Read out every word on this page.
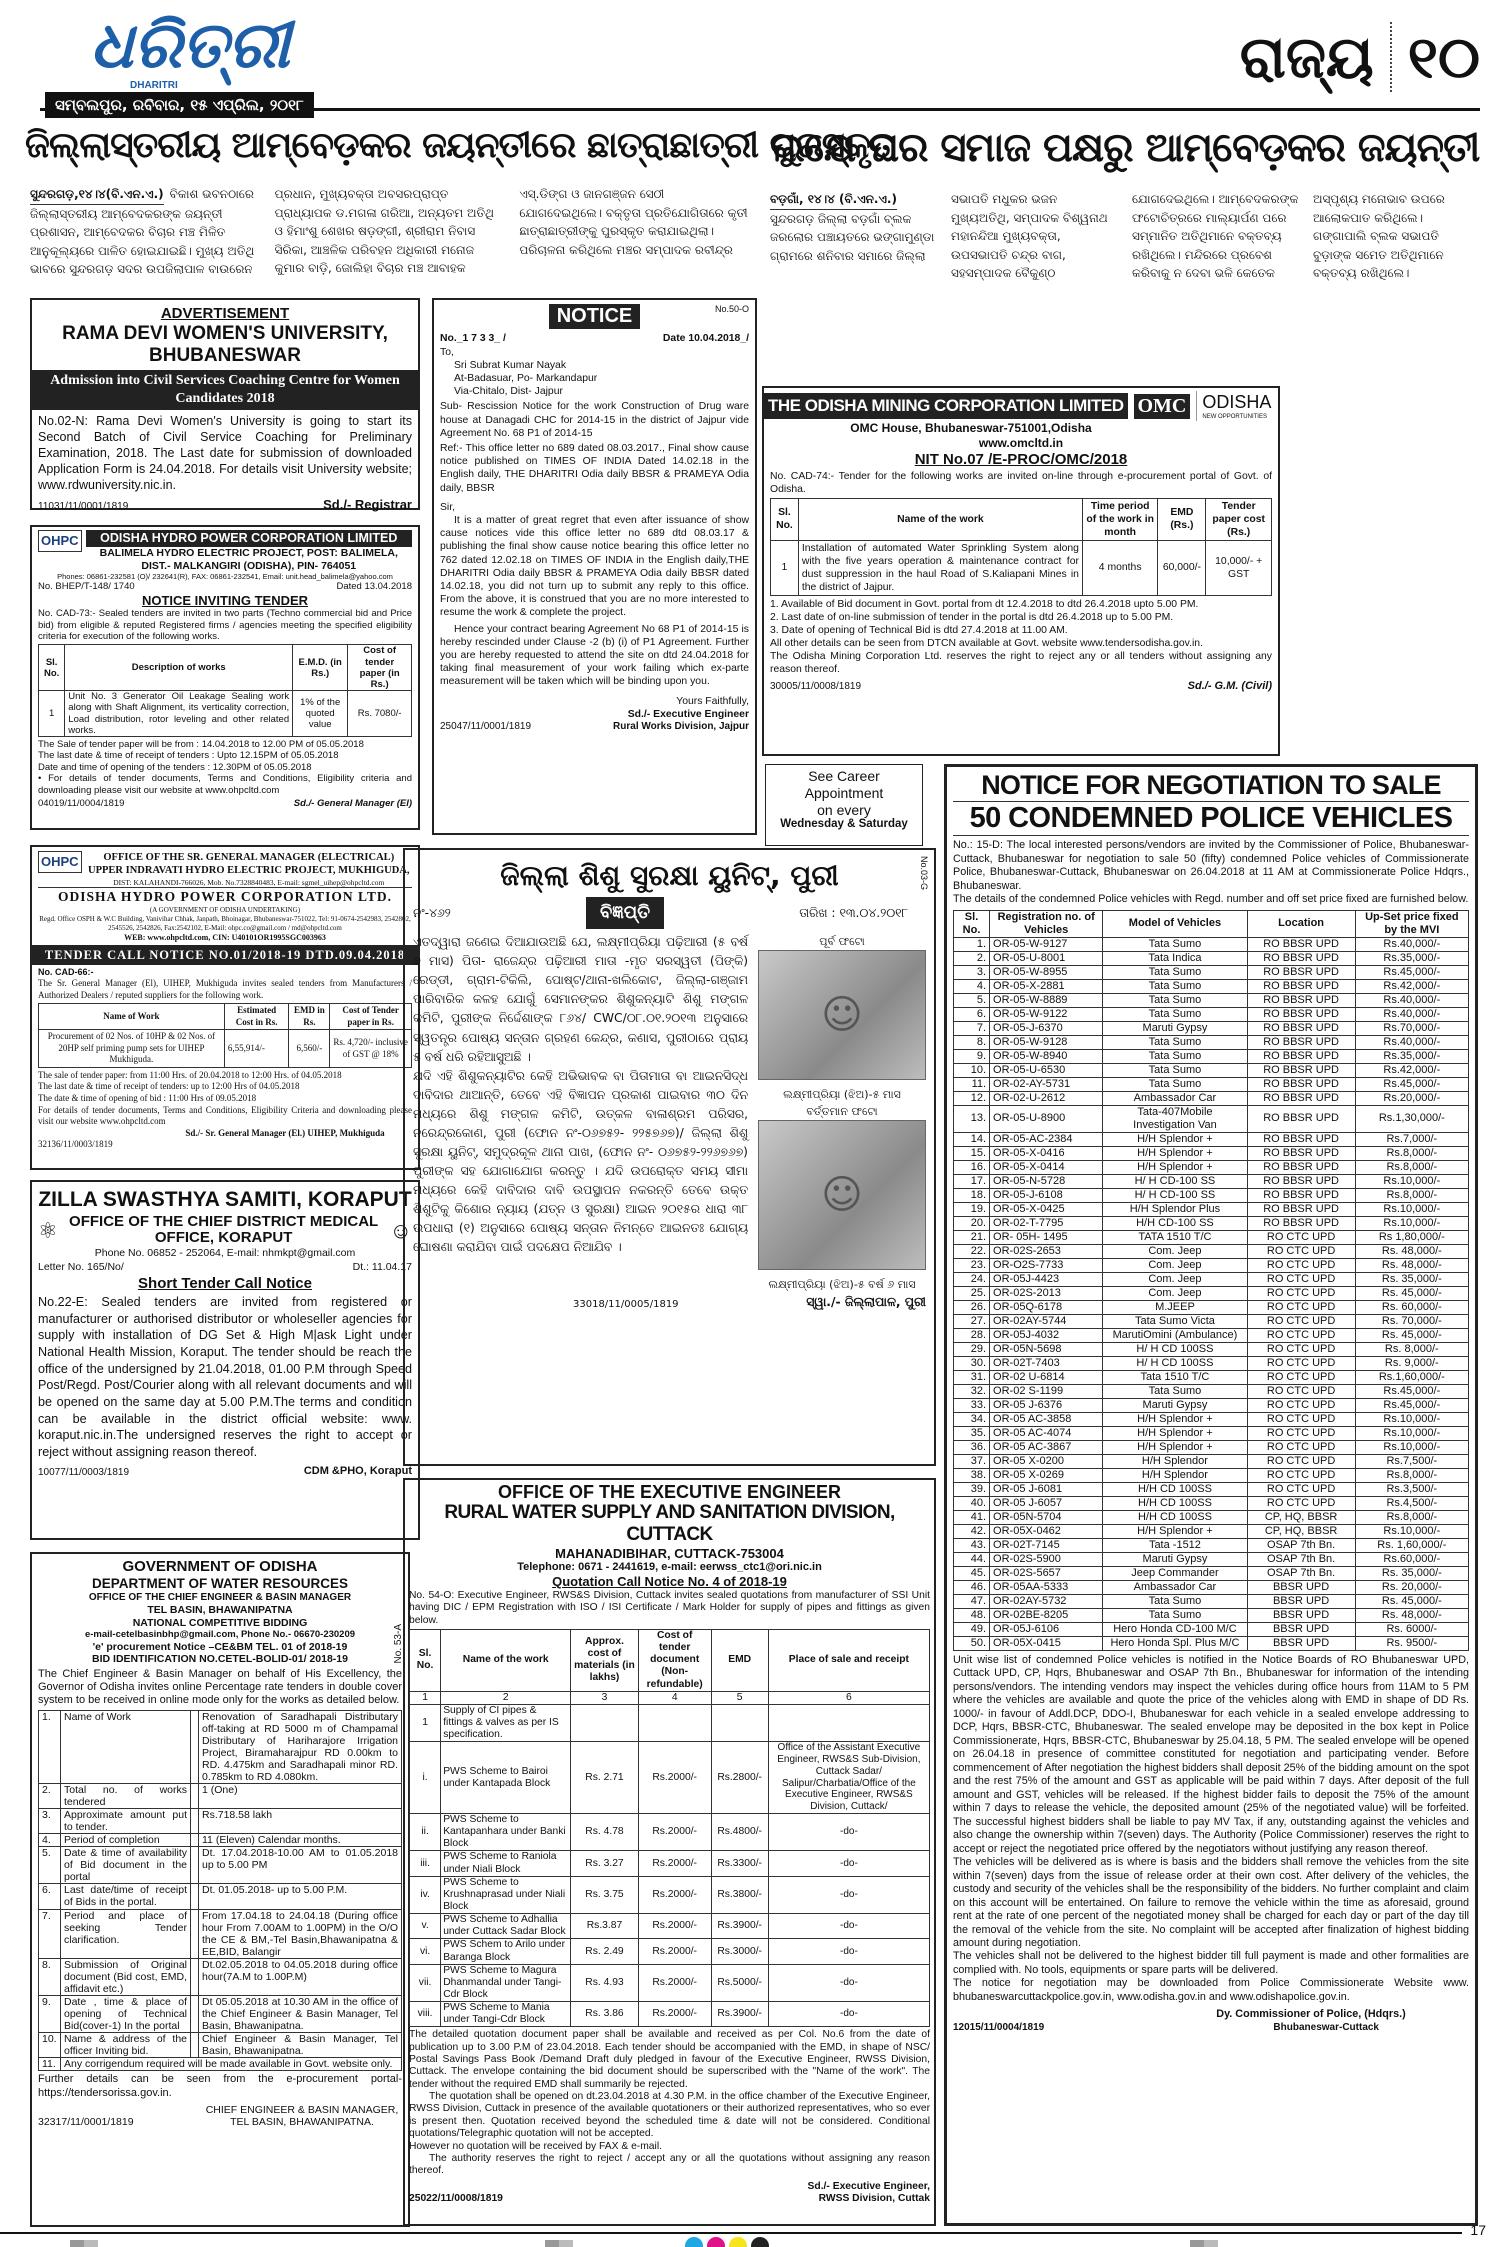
ଧରିତ୍ରୀ
DHARITRI
ସମ୍ବଲପୁର, ରବିବାର, ୧୫ ଏପ୍ରିଲ, ୨୦୧୮
ରାଜ୍ୟ ୧୦
ଜିଲ୍ଲାସ୍ତରୀୟ ଆମ୍ବେଡ଼କର ଜୟନ୍ତୀରେ ଛାତ୍ରାଛାତ୍ରୀ ପୁରସ୍କୃତ
ଲକ୍ଷେ ଘର ସମାଜ ପକ୍ଷରୁ ଆମ୍ବେଡ଼କର ଜୟନ୍ତୀ
ସୁନ୍ଦରଗଡ଼,୧୪।୪(ବି.ଏନ.ଏ.) ବିକାଶ ଭବନଠାରେ ଜିଲ୍ଲାସ୍ତରୀୟ ଆମ୍ବେଦକରଙ୍କ ଜୟନ୍ତୀ ପ୍ରଶାସନ, ଆମ୍ବେଦକର ବିଚାର ମଞ୍ଚ ମିଳିତ ଆନୁକୂଲ୍ୟରେ ପାଳିତ ହୋଇଯାଇଛି। ମୁଖ୍ୟ ଅତିଥି ଭାବରେ ସୁନ୍ଦରଗଡ଼ ସଦର ଉପଜିଲାପାଳ ବାଉରେନ ପ୍ରଧାନ, ମୁଖ୍ୟବକ୍ତା ଅବସରପ୍ରାପ୍ତ ପ୍ରାଧ୍ୟାପକ ଡ.ମଗଳା ଗରିଆ, ଅନ୍ୟତମ ଅତିଥି ଓ ହିମାଂଶୁ ଶେଖର ଷଡ଼ଙ୍ଗୀ, ଶ୍ରୀରାମ ନିବାସ ସିରିକା, ଆଞ୍ଚଳିକ ପରିବହନ ଅଧିକାରୀ ମନୋଜ କୁମାର ବାଡ଼ି, ଜୋଲିହା ବିଚାର ମଞ୍ଚ ଆବାହକ ଏସ୍.ଡିଙ୍ଗ ଓ ଜାନଗଞ୍ଜନ ସେଠୀ ଯୋଗଦେଇଥିଲେ। ବକ୍ତୃତା ପ୍ରତିଯୋଗିତାରେ କୃତୀ ଛାତ୍ରାଛାତ୍ରୀଙ୍କୁ ପୁରସ୍କୃତ କରାଯାଇଥିଲା। ପରିଚାଳନା କରିଥିଲେ ମଞ୍ଚର ସମ୍ପାଦକ ରବୀନ୍ଦ୍ର
ବଡ଼ଗାଁ, ୧୪।୪ (ବି.ଏନ.ଏ.)ସୁନ୍ଦରଗଡ଼ ଜିଲ୍ଲା ବଡ଼ଗାଁ ବ୍ଲକ ଜରଲୋର ପଞ୍ଚାୟତରେ ଭଙ୍ଗାମୁଣ୍ଡା ଗ୍ରାମରେ ଶନିବାର ସମାରେ ଜିଲ୍ଲା ସଭାପତି ମଧୁକର ଭଜନ ମୁଖ୍ୟଅତିଥି, ସମ୍ପାଦକ ବିଶ୍ୱନାଥ ମହାନନ୍ଦିଆ ମୁଖ୍ୟବକ୍ତା, ଉପସଭାପତି ଚନ୍ଦ୍ର ବାଗ, ସହସମ୍ପାଦକ ବୈକୁଣ୍ଠ ଯୋଗଦେଇଥିଲେ। ଆମ୍ବେଦକରଙ୍କ ଫଟୋଚିତ୍ରରେ ମାଲ୍ୟାର୍ପଣ ପରେ ସମ୍ମାନିତ ଅତିଥିମାନେ ବକ୍ତବ୍ୟ ରଖିଥିଲେ। ମନ୍ଦିରରେ ପ୍ରବେଶ କରିବାକୁ ନ ଦେବା ଭଳି କେତେକ ଅସ୍ପୃଶ୍ୟ ମନୋଭାବ ଉପରେ ଆଲୋକପାତ କରିଥିଲେ। ଗଙ୍ଗାପାଲି ବ୍ଲକ ସଭାପତି ବୁଡ଼ାଙ୍କ ସମେତ ଅତିଥିମାନେ ବକ୍ତବ୍ୟ ରଖିଥିଲେ।
ADVERTISEMENT
RAMA DEVI WOMEN'S UNIVERSITY, BHUBANESWAR
Admission into Civil Services Coaching Centre for Women Candidates 2018
No.02-N: Rama Devi Women's University is going to start its Second Batch of Civil Service Coaching for Preliminary Examination, 2018. The Last date for submission of downloaded Application Form is 24.04.2018. For details visit University website; www.rdwuniversity.nic.in.
11031/11/0001/1819	Sd./- Registrar
OHPC	ODISHA HYDRO POWER CORPORATION LIMITED
BALIMELA HYDRO ELECTRIC PROJECT, POST: BALIMELA, DIST.- MALKANGIRI (ODISHA), PIN- 764051
Phones: 06861-232581 (O)/ 232641(R), FAX: 06861-232541, Email: unit.head_balimela@yahoo.com
No. BHEP/T-148/ 1740	Dated 13.04.2018
NOTICE INVITING TENDER
No. CAD-73:- Sealed tenders are invited in two parts (Techno commercial bid and Price bid) from eligible & reputed Registered firms / agencies meeting the specified eligibility criteria for execution of the following works.
Sl. No.	Description of works	E.M.D. (in Rs.)	Cost of tender paper (in Rs.)
1	Unit No. 3 Generator Oil Leakage Sealing work along with Shaft Alignment, its verticality correction, Load distribution, rotor leveling and other related works.	1% of the quoted value	Rs. 7080/-
The Sale of tender paper will be from : 14.04.2018 to 12.00 PM of 05.05.2018
The last date & time of receipt of tenders : Upto 12.15PM of 05.05.2018
Date and time of opening of the tenders : 12.30PM of 05.05.2018
• For details of tender documents, Terms and Conditions, Eligibility criteria and downloading please visit our website at www.ohpcltd.com
04019/11/0004/1819	Sd./- General Manager (El)
OHPC	OFFICE OF THE SR. GENERAL MANAGER (ELECTRICAL)
UPPER INDRAVATI HYDRO ELECTRIC PROJECT, MUKHIGUDA,
DIST: KALAHANDI-766026, Mob. No.7328840483, E-mail: sgmel_uihep@ohpcltd.com
ODISHA HYDRO POWER CORPORATION LTD.
(A GOVERNMENT OF ODISHA UNDERTAKING)
Regd. Office OSPH & W.C Building, Vanivihar Chhak, Janpath, Bhoinagar, Bhubaneswar-751022, Tel: 91-0674-2542983, 2542802, 2545526, 2542826, Fax:2542102, E-Mail: ohpc.co@gmail.com / md@ohpcltd.com
WEB: www.ohpcltd.com, CIN: U40101OR1995SGC003963
TENDER CALL NOTICE NO.01/2018-19 DTD.09.04.2018
No. CAD-66:-
The Sr. General Manager (El), UIHEP, Mukhiguda invites sealed tenders from Manufacturers / Authorized Dealers / reputed suppliers for the following work.
Name of Work	Estimated Cost in Rs.	EMD in Rs.	Cost of Tender paper in Rs.
Procurement of 02 Nos. of 10HP & 02 Nos. of 20HP self priming pump sets for UIHEP Mukhiguda.	6,55,914/-	6,560/-	Rs. 4,720/- inclusive of GST @ 18%
The sale of tender paper: from 11:00 Hrs. of 20.04.2018 to 12:00 Hrs. of 04.05.2018
The last date & time of receipt of tenders: up to 12:00 Hrs of 04.05.2018
The date & time of opening of bid : 11:00 Hrs of 09.05.2018
For details of tender documents, Terms and Conditions, Eligibility Criteria and downloading please visit our website www.ohpcltd.com
Sd./- Sr. General Manager (El.) UIHEP, Mukhiguda
32136/11/0003/1819
ZILLA SWASTHYA SAMITI, KORAPUT
⚛ OFFICE OF THE CHIEF DISTRICT MEDICAL OFFICE, KORAPUT	☺
Phone No. 06852 - 252064, E-mail: nhmkpt@gmail.com
Letter No. 165/No/	Dt.: 11.04.17
Short Tender Call Notice
No.22-E: Sealed tenders are invited from registered or manufacturer or authorised distributor or wholeseller agencies for supply with installation of DG Set & High M|ask Light under National Health Mission, Koraput. The tender should be reach the office of the undersigned by 21.04.2018, 01.00 P.M through Speed Post/Regd. Post/Courier along with all relevant documents and will be opened on the same day at 5.00 P.M.The terms and condition can be available in the district official website: www. koraput.nic.in.The undersigned reserves the right to accept or reject without assigning reason thereof.
10077/11/0003/1819	CDM &PHO, Koraput
GOVERNMENT OF ODISHA
DEPARTMENT OF WATER RESOURCES
OFFICE OF THE CHIEF ENGINEER & BASIN MANAGER
TEL BASIN, BHAWANIPATNA
NATIONAL COMPETITIVE BIDDING
e-mail-cetelbasinbhp@gmail.com, Phone No.- 06670-230209
'e' procurement Notice –CE&BM TEL. 01 of 2018-19
BID IDENTIFICATION NO.CETEL-BOLID-01/ 2018-19	No. 53-A
The Chief Engineer & Basin Manager on behalf of His Excellency, the Governor of Odisha invites online Percentage rate tenders in double cover system to be received in online mode only for the works as detailed below.
1.	Name of Work		Renovation of Saradhapali Distributary off-taking at RD 5000 m of Champamal Distributary of Hariharajore Irrigation Project, Biramaharajpur RD 0.00km to RD. 4.475km and Saradhapali minor RD. 0.785km to RD 4.080km.
2.	Total no. of works tendered		1 (One)
3.	Approximate amount put to tender.		Rs.718.58 lakh
4.	Period of completion		11 (Eleven) Calendar months.
5.	Date & time of availability of Bid document in the portal		Dt. 17.04.2018-10.00 AM to 01.05.2018 up to 5.00 PM
6.	Last date/time of receipt of Bids in the portal.		Dt. 01.05.2018- up to 5.00 P.M.
7.	Period and place of seeking Tender clarification.		From 17.04.18 to 24.04.18 (During office hour From 7.00AM to 1.00PM) in the O/O the CE & BM,-Tel Basin,Bhawanipatna & EE,BID, Balangir
8.	Submission of Original document (Bid cost, EMD, affidavit etc.)		Dt.02.05.2018 to 04.05.2018 during office hour(7A.M to 1.00P.M)
9.	Date , time & place of opening of Technical Bid(cover-1) In the portal		Dt 05.05.2018 at 10.30 AM in the office of the Chief Engineer & Basin Manager, Tel Basin, Bhawanipatna.
10.	Name & address of the officer Inviting bid.		Chief Engineer & Basin Manager, Tel Basin, Bhawanipatna.
11.	Any corrigendum required will be made available in Govt. website only.		
Further details can be seen from the e-procurement portal-https://tendersorissa.gov.in.
32317/11/0001/1819
CHIEF ENGINEER & BASIN MANAGER, TEL BASIN, BHAWANIPATNA.
NOTICE	No.50-O
No._1 7 3 3_ /	Date 10.04.2018_/
To,
Sri Subrat Kumar Nayak
At-Badasuar, Po- Markandapur
Via-Chitalo, Dist- Jajpur
Sub- Rescission Notice for the work Construction of Drug ware house at Danagadi CHC for 2014-15 in the district of Jajpur vide Agreement No. 68 P1 of 2014-15
Ref:- This office letter no 689 dated 08.03.2017., Final show cause notice published on TIMES OF INDIA Dated 14.02.18 in the English daily, THE DHARITRI Odia daily BBSR & PRAMEYA Odia daily, BBSR
Sir,
It is a matter of great regret that even after issuance of show cause notices vide this office letter no 689 dtd 08.03.17 & publishing the final show cause notice bearing this office letter no 762 dated 12.02.18 on TIMES OF INDIA in the English daily,THE DHARITRI Odia daily BBSR & PRAMEYA Odia daily BBSR dated 14.02.18, you did not turn up to submit any reply to this office. From the above, it is construed that you are no more interested to resume the work & complete the project.
Hence your contract bearing Agreement No 68 P1 of 2014-15 is hereby rescinded under Clause -2 (b) (i) of P1 Agreement. Further you are hereby requested to attend the site on dtd 24.04.2018 for taking final measurement of your work failing which ex-parte measurement will be taken which will be binding upon you.
Yours Faithfully,
Sd./- Executive Engineer
25047/11/0001/1819	Rural Works Division, Jajpur
THE ODISHA MINING CORPORATION LIMITED OMC ODISHA
NEW OPPORTUNITIES
OMC House, Bhubaneswar-751001,Odisha
www.omcltd.in
NIT No.07 /E-PROC/OMC/2018
No. CAD-74:- Tender for the following works are invited on-line through e-procurement portal of Govt. of Odisha.
Sl. No.	Name of the work	Time period of the work in month	EMD (Rs.)	Tender paper cost (Rs.)
1	Installation of automated Water Sprinkling System along with the five years operation & maintenance contract for dust suppression in the haul Road of S.Kaliapani Mines in the district of Jajpur.	4 months	60,000/-	10,000/- + GST
1. Available of Bid document in Govt. portal from dt 12.4.2018 to dtd 26.4.2018 upto 5.00 PM.
2. Last date of on-line submission of tender in the portal is dtd 26.4.2018 up to 5.00 PM.
3. Date of opening of Technical Bid is dtd 27.4.2018 at 11.00 AM.
All other details can be seen from DTCN available at Govt. website www.tendersodisha.gov.in.
The Odisha Mining Corporation Ltd. reserves the right to reject any or all tenders without assigning any reason thereof.
30005/11/0008/1819	Sd./- G.M. (Civil)
See Career
Appointment
on every
Wednesday & Saturday
ଜିଲ୍ଲା ଶିଶୁ ସୁରକ୍ଷା ୟୁନିଟ୍, ପୁରୀ	No.03-G
ନଂ-୪୬୨	ବିଜ୍ଞପ୍ତି	ତାରିଖ : ୧୩.୦୪.୨୦୧୮
ଏତଦ୍ୱାରା ଜଣେଇ ଦିଆଯାଉଅଛି ଯେ, ଲକ୍ଷ୍ମୀପ୍ରିୟା ପଢ଼ିଆରୀ (୫ ବର୍ଷ ୬ ମାସ) ପିତା- ରାଜେନ୍ଦ୍ର ପଢ଼ିଆରୀ ମାତା -ମୃତ ସରସ୍ୱତୀ (ପିଙ୍କି) ରେଡ୍ଡୀ, ଗ୍ରାମ-ଟିକିଲି, ପୋଷ୍ଟ/ଥାନା-ଖଲିକୋଟ, ଜିଲ୍ଲା-ଗଞ୍ଜାମ ପାରିବାରିକ କଳହ ଯୋଗୁଁ ସେମାନଙ୍କର ଶିଶୁକନ୍ୟାଟି ଶିଶୁ ମଙ୍ଗଳ କମିଟି, ପୁରୀଙ୍କ ନିର୍ଦ୍ଦେଶାଙ୍କ ୮୬୪/ CWC/୦୮.୦୧.୨୦୧୩ ଅନୁସାରେ ସ୍ୱତନ୍ତ୍ର ପୋଷ୍ୟ ସନ୍ତାନ ଗ୍ରହଣ କେନ୍ଦ୍ର, କଣାସ, ପୁରୀଠାରେ ପ୍ରାୟ ୫ ବର୍ଷ ଧରି ରହିଆସୁଅଛି ।
ଯଦି ଏହି ଶିଶୁକନ୍ୟାଟିର କେହି ଅଭିଭାବକ ବା ପିତାମାତା ବା ଆଇନସିଦ୍ଧ ଦାବିଦାର ଥାଆନ୍ତି, ତେବେ ଏହି ବିଜ୍ଞାପନ ପ୍ରକାଶ ପାଇବାର ୩୦ ଦିନ ମଧ୍ୟରେ ଶିଶୁ ମଙ୍ଗଳ କମିଟି, ଉତ୍କଳ ବାଳାଶ୍ରମ ପରିସର, ନରେନ୍ଦ୍ରକୋଣ, ପୁରୀ (ଫୋନ ନଂ-୦୬୭୫୨- ୨୨୫୭୬୭)/ ଜିଲ୍ଲା ଶିଶୁ ସୁରକ୍ଷା ୟୁନିଟ୍, ସମୁଦ୍ରକୂଳ ଥାନା ପାଖ, (ଫୋନ ନଂ- ୦୬୭୫୨-୨୨୬୭୬୭) ପୁରୀଙ୍କ ସହ ଯୋଗାଯୋଗ କରନ୍ତୁ । ଯଦି ଉପରୋକ୍ତ ସମୟ ସୀମା ମଧ୍ୟରେ କେହି ଦାବିଦାର ଦାବି ଉପସ୍ଥାପନ ନକରନ୍ତି ତେବେ ଉକ୍ତ ଶିଶୁଟିକୁ କିଶୋର ନ୍ୟାୟ (ଯତ୍ନ ଓ ସୁରକ୍ଷା) ଆଇନ ୨୦୧୫ର ଧାରା ୩୮ ଉପଧାରା (୧) ଅନୁସାରେ ପୋଷ୍ୟ ସନ୍ତାନ ନିମନ୍ତେ ଆଇନତଃ ଯୋଗ୍ୟ ଘୋଷଣା କରାଯିବା ପାଇଁ ପଦକ୍ଷେପ ନିଆଯିବ ।
ପୂର୍ବ ଫଟୋ
☺
ଲକ୍ଷ୍ମୀପ୍ରିୟା (ଝିଅ)-୫ ମାସ
ବର୍ତ୍ତମାନ ଫଟୋ
☺
ଲକ୍ଷ୍ମୀପ୍ରିୟା (ଝିଅ)-୫ ବର୍ଷ ୬ ମାସ
33018/11/0005/1819	ସ୍ୱା./- ଜିଲ୍ଲାପାଳ, ପୁରୀ
OFFICE OF THE EXECUTIVE ENGINEER
RURAL WATER SUPPLY AND SANITATION DIVISION, CUTTACK
MAHANADIBIHAR, CUTTACK-753004
Telephone: 0671 - 2441619, e-mail: eerwss_ctc1@ori.nic.in
Quotation Call Notice No. 4 of 2018-19
No. 54-O: Executive Engineer, RWS&S Division, Cuttack invites sealed quotations from manufacturer of SSI Unit having DIC / EPM Registration with ISO / ISI Certificate / Mark Holder for supply of pipes and fittings as given below.
Sl. No.	Name of the work	Approx. cost of materials (in lakhs)	Cost of tender document (Non-refundable)	EMD	Place of sale and receipt
1	2	3	4	5	6
1	Supply of CI pipes & fittings & valves as per IS specification.				
i.	PWS Scheme to Bairoi under Kantapada Block	Rs. 2.71	Rs.2000/-	Rs.2800/-	Office of the Assistant Executive Engineer, RWS&S Sub-Division, Cuttack Sadar/ Salipur/Charbatia/Office of the Executive Engineer, RWS&S Division, Cuttack/
ii.	PWS Scheme to Kantapanhara under Banki Block	Rs. 4.78	Rs.2000/-	Rs.4800/-	-do-
iii.	PWS Scheme to Raniola under Niali Block	Rs. 3.27	Rs.2000/-	Rs.3300/-	-do-
iv.	PWS Scheme to Krushnaprasad under Niali Block	Rs. 3.75	Rs.2000/-	Rs.3800/-	-do-
v.	PWS Scheme to Adhallia under Cuttack Sadar Block	Rs.3.87	Rs.2000/-	Rs.3900/-	-do-
vi.	PWS Schem to Arilo under Baranga Block	Rs. 2.49	Rs.2000/-	Rs.3000/-	-do-
vii.	PWS Scheme to Magura Dhanmandal under Tangi-Cdr Block	Rs. 4.93	Rs.2000/-	Rs.5000/-	-do-
viii.	PWS Scheme to Mania under Tangi-Cdr Block	Rs. 3.86	Rs.2000/-	Rs.3900/-	-do-
The detailed quotation document paper shall be available and received as per Col. No.6 from the date of publication up to 3.00 P.M of 23.04.2018. Each tender should be accompanied with the EMD, in shape of NSC/ Postal Savings Pass Book /Demand Draft duly pledged in favour of the Executive Engineer, RWSS Division, Cuttack. The envelope containing the bid document should be superscribed with the "Name of the work". The tender without the required EMD shall summarily be rejected.
The quotation shall be opened on dt.23.04.2018 at 4.30 P.M. in the office chamber of the Executive Engineer, RWSS Division, Cuttack in presence of the available quotationers or their authorized representatives, who so ever is present then. Quotation received beyond the scheduled time & date will not be considered. Conditional quotations/Telegraphic quotation will not be accepted.
However no quotation will be received by FAX & e-mail.
The authority reserves the right to reject / accept any or all the quotations without assigning any reason thereof.
Sd./- Executive Engineer,
25022/11/0008/1819	RWSS Division, Cuttak
NOTICE FOR NEGOTIATION TO SALE
50 CONDEMNED POLICE VEHICLES
No.: 15-D: The local interested persons/vendors are invited by the Commissioner of Police, Bhubaneswar-Cuttack, Bhubaneswar for negotiation to sale 50 (fifty) condemned Police vehicles of Commissionerate Police, Bhubaneswar-Cuttack, Bhubaneswar on 26.04.2018 at 11 AM at Commissionerate Police Hdqrs., Bhubaneswar.
The details of the condemned Police vehicles with Regd. number and off set price fixed are furnished below.
Sl. No.	Registration no. of Vehicles	Model of Vehicles	Location	Up-Set price fixed by the MVI
1.	OR-05-W-9127	Tata Sumo	RO BBSR UPD	Rs.40,000/-
2.	OR-05-U-8001	Tata Indica	RO BBSR UPD	Rs.35,000/-
3.	OR-05-W-8955	Tata Sumo	RO BBSR UPD	Rs.45,000/-
4.	OR-05-X-2881	Tata Sumo	RO BBSR UPD	Rs.42,000/-
5.	OR-05-W-8889	Tata Sumo	RO BBSR UPD	Rs.40,000/-
6.	OR-05-W-9122	Tata Sumo	RO BBSR UPD	Rs.40,000/-
7.	OR-05-J-6370	Maruti Gypsy	RO BBSR UPD	Rs.70,000/-
8.	OR-05-W-9128	Tata Sumo	RO BBSR UPD	Rs.40,000/-
9.	OR-05-W-8940	Tata Sumo	RO BBSR UPD	Rs.35,000/-
10.	OR-05-U-6530	Tata Sumo	RO BBSR UPD	Rs.42,000/-
11.	OR-02-AY-5731	Tata Sumo	RO BBSR UPD	Rs.45,000/-
12.	OR-02-U-2612	Ambassador Car	RO BBSR UPD	Rs.20,000/-
13.	OR-05-U-8900	Tata-407Mobile Investigation Van	RO BBSR UPD	Rs.1,30,000/-
14.	OR-05-AC-2384	H/H Splendor +	RO BBSR UPD	Rs.7,000/-
15.	OR-05-X-0416	H/H Splendor +	RO BBSR UPD	Rs.8,000/-
16.	OR-05-X-0414	H/H Splendor +	RO BBSR UPD	Rs.8,000/-
17.	OR-05-N-5728	H/ H CD-100 SS	RO BBSR UPD	Rs.10,000/-
18.	OR-05-J-6108	H/ H CD-100 SS	RO BBSR UPD	Rs.8,000/-
19.	OR-05-X-0425	H/H Splendor Plus	RO BBSR UPD	Rs.10,000/-
20.	OR-02-T-7795	H/H CD-100 SS	RO BBSR UPD	Rs.10,000/-
21.	OR- 05H- 1495	TATA 1510 T/C	RO CTC UPD	Rs 1,80,000/-
22.	OR-02S-2653	Com. Jeep	RO CTC UPD	Rs. 48,000/-
23.	OR-O2S-7733	Com. Jeep	RO CTC UPD	Rs. 48,000/-
24.	OR-05J-4423	Com. Jeep	RO CTC UPD	Rs. 35,000/-
25.	OR-02S-2013	Com. Jeep	RO CTC UPD	Rs. 45,000/-
26.	OR-05Q-6178	M.JEEP	RO CTC UPD	Rs. 60,000/-
27.	OR-02AY-5744	Tata Sumo Victa	RO CTC UPD	Rs. 70,000/-
28.	OR-05J-4032	MarutiOmini (Ambulance)	RO CTC UPD	Rs. 45,000/-
29.	OR-05N-5698	H/ H CD 100SS	RO CTC UPD	Rs. 8,000/-
30.	OR-02T-7403	H/ H CD 100SS	RO CTC UPD	Rs. 9,000/-
31.	OR-02 U-6814	Tata 1510 T/C	RO CTC UPD	Rs.1,60,000/-
32.	OR-02 S-1199	Tata Sumo	RO CTC UPD	Rs.45,000/-
33.	OR-05 J-6376	Maruti Gypsy	RO CTC UPD	Rs.45,000/-
34.	OR-05 AC-3858	H/H Splendor +	RO CTC UPD	Rs.10,000/-
35.	OR-05 AC-4074	H/H Splendor +	RO CTC UPD	Rs.10,000/-
36.	OR-05 AC-3867	H/H Splendor +	RO CTC UPD	Rs.10,000/-
37.	OR-05 X-0200	H/H Splendor	RO CTC UPD	Rs.7,500/-
38.	OR-05 X-0269	H/H Splendor	RO CTC UPD	Rs.8,000/-
39.	OR-05 J-6081	H/H CD 100SS	RO CTC UPD	Rs.3,500/-
40.	OR-05 J-6057	H/H CD 100SS	RO CTC UPD	Rs.4,500/-
41.	OR-05N-5704	H/H CD 100SS	CP, HQ, BBSR	Rs.8,000/-
42.	OR-05X-0462	H/H Splendor +	CP, HQ, BBSR	Rs.10,000/-
43.	OR-02T-7145	Tata -1512	OSAP 7th Bn.	Rs. 1,60,000/-
44.	OR-02S-5900	Maruti Gypsy	OSAP 7th Bn.	Rs.60,000/-
45.	OR-02S-5657	Jeep Commander	OSAP 7th Bn.	Rs. 35,000/-
46.	OR-05AA-5333	Ambassador Car	BBSR UPD	Rs. 20,000/-
47.	OR-02AY-5732	Tata Sumo	BBSR UPD	Rs. 45,000/-
48.	OR-02BE-8205	Tata Sumo	BBSR UPD	Rs. 48,000/-
49.	OR-05J-6106	Hero Honda CD-100 M/C	BBSR UPD	Rs. 6000/-
50.	OR-05X-0415	Hero Honda Spl. Plus M/C	BBSR UPD	Rs. 9500/-
Unit wise list of condemned Police vehicles is notified in the Notice Boards of RO Bhubaneswar UPD, Cuttack UPD, CP, Hqrs, Bhubaneswar and OSAP 7th Bn., Bhubaneswar for information of the intending persons/vendors. The intending vendors may inspect the vehicles during office hours from 11AM to 5 PM where the vehicles are available and quote the price of the vehicles along with EMD in shape of DD Rs. 1000/- in favour of Addl.DCP, DDO-I, Bhubaneswar for each vehicle in a sealed envelope addressing to DCP, Hqrs, BBSR-CTC, Bhubaneswar. The sealed envelope may be deposited in the box kept in Police Commissionerate, Hqrs, BBSR-CTC, Bhubaneswar by 25.04.18, 5 PM. The sealed envelope will be opened on 26.04.18 in presence of committee constituted for negotiation and participating vender. Before commencement of After negotiation the highest bidders shall deposit 25% of the bidding amount on the spot and the rest 75% of the amount and GST as applicable will be paid within 7 days. After deposit of the full amount and GST, vehicles will be released. If the highest bidder fails to deposit the 75% of the amount within 7 days to release the vehicle, the deposited amount (25% of the negotiated value) will be forfeited. The successful highest bidders shall be liable to pay MV Tax, if any, outstanding against the vehicles and also change the ownership within 7(seven) days. The Authority (Police Commissioner) reserves the right to accept or reject the negotiated price offered by the negotiators without justifying any reason thereof.
The vehicles will be delivered as is where is basis and the bidders shall remove the vehicles from the site within 7(seven) days from the issue of release order at their own cost. After delivery of the vehicles, the custody and security of the vehicles shall be the responsibility of the bidders. No further complaint and claim on this account will be entertained. On failure to remove the vehicle within the time as aforesaid, ground rent at the rate of one percent of the negotiated money shall be charged for each day or part of the day till the removal of the vehicle from the site. No complaint will be accepted after finalization of highest bidding amount during negotiation.
The vehicles shall not be delivered to the highest bidder till full payment is made and other formalities are complied with. No tools, equipments or spare parts will be delivered.
The notice for negotiation may be downloaded from Police Commissionerate Website www. bhubaneswarcuttackpolice.gov.in, www.odisha.gov.in and www.odishapolice.gov.in.
Dy. Commissioner of Police, (Hdqrs.)
12015/11/0004/1819	Bhubaneswar-Cuttack
17
